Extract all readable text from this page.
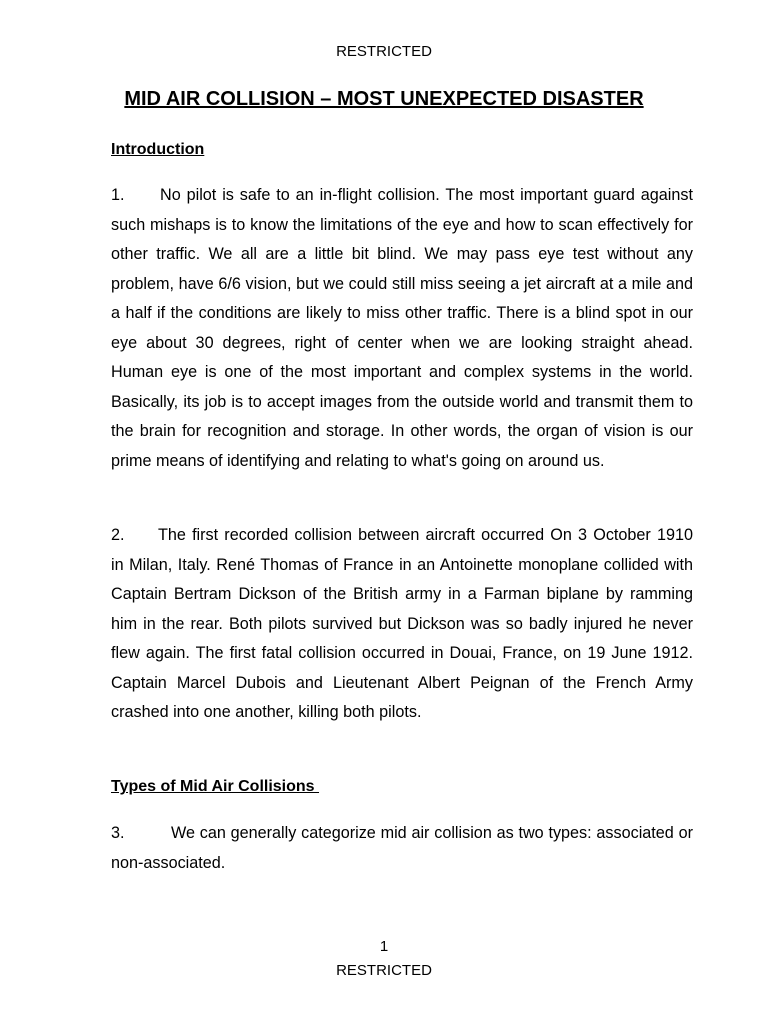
RESTRICTED
MID AIR COLLISION – MOST UNEXPECTED DISASTER
Introduction
1. No pilot is safe to an in-flight collision. The most important guard against such mishaps is to know the limitations of the eye and how to scan effectively for other traffic. We all are a little bit blind. We may pass eye test without any problem, have 6/6 vision, but we could still miss seeing a jet aircraft at a mile and a half if the conditions are likely to miss other traffic. There is a blind spot in our eye about 30 degrees, right of center when we are looking straight ahead. Human eye is one of the most important and complex systems in the world. Basically, its job is to accept images from the outside world and transmit them to the brain for recognition and storage. In other words, the organ of vision is our prime means of identifying and relating to what's going on around us.
2. The first recorded collision between aircraft occurred On 3 October 1910 in Milan, Italy. René Thomas of France in an Antoinette monoplane collided with Captain Bertram Dickson of the British army in a Farman biplane by ramming him in the rear. Both pilots survived but Dickson was so badly injured he never flew again. The first fatal collision occurred in Douai, France, on 19 June 1912. Captain Marcel Dubois and Lieutenant Albert Peignan of the French Army crashed into one another, killing both pilots.
Types of Mid Air Collisions
3.	We can generally categorize mid air collision as two types: associated or non-associated.
1
RESTRICTED
